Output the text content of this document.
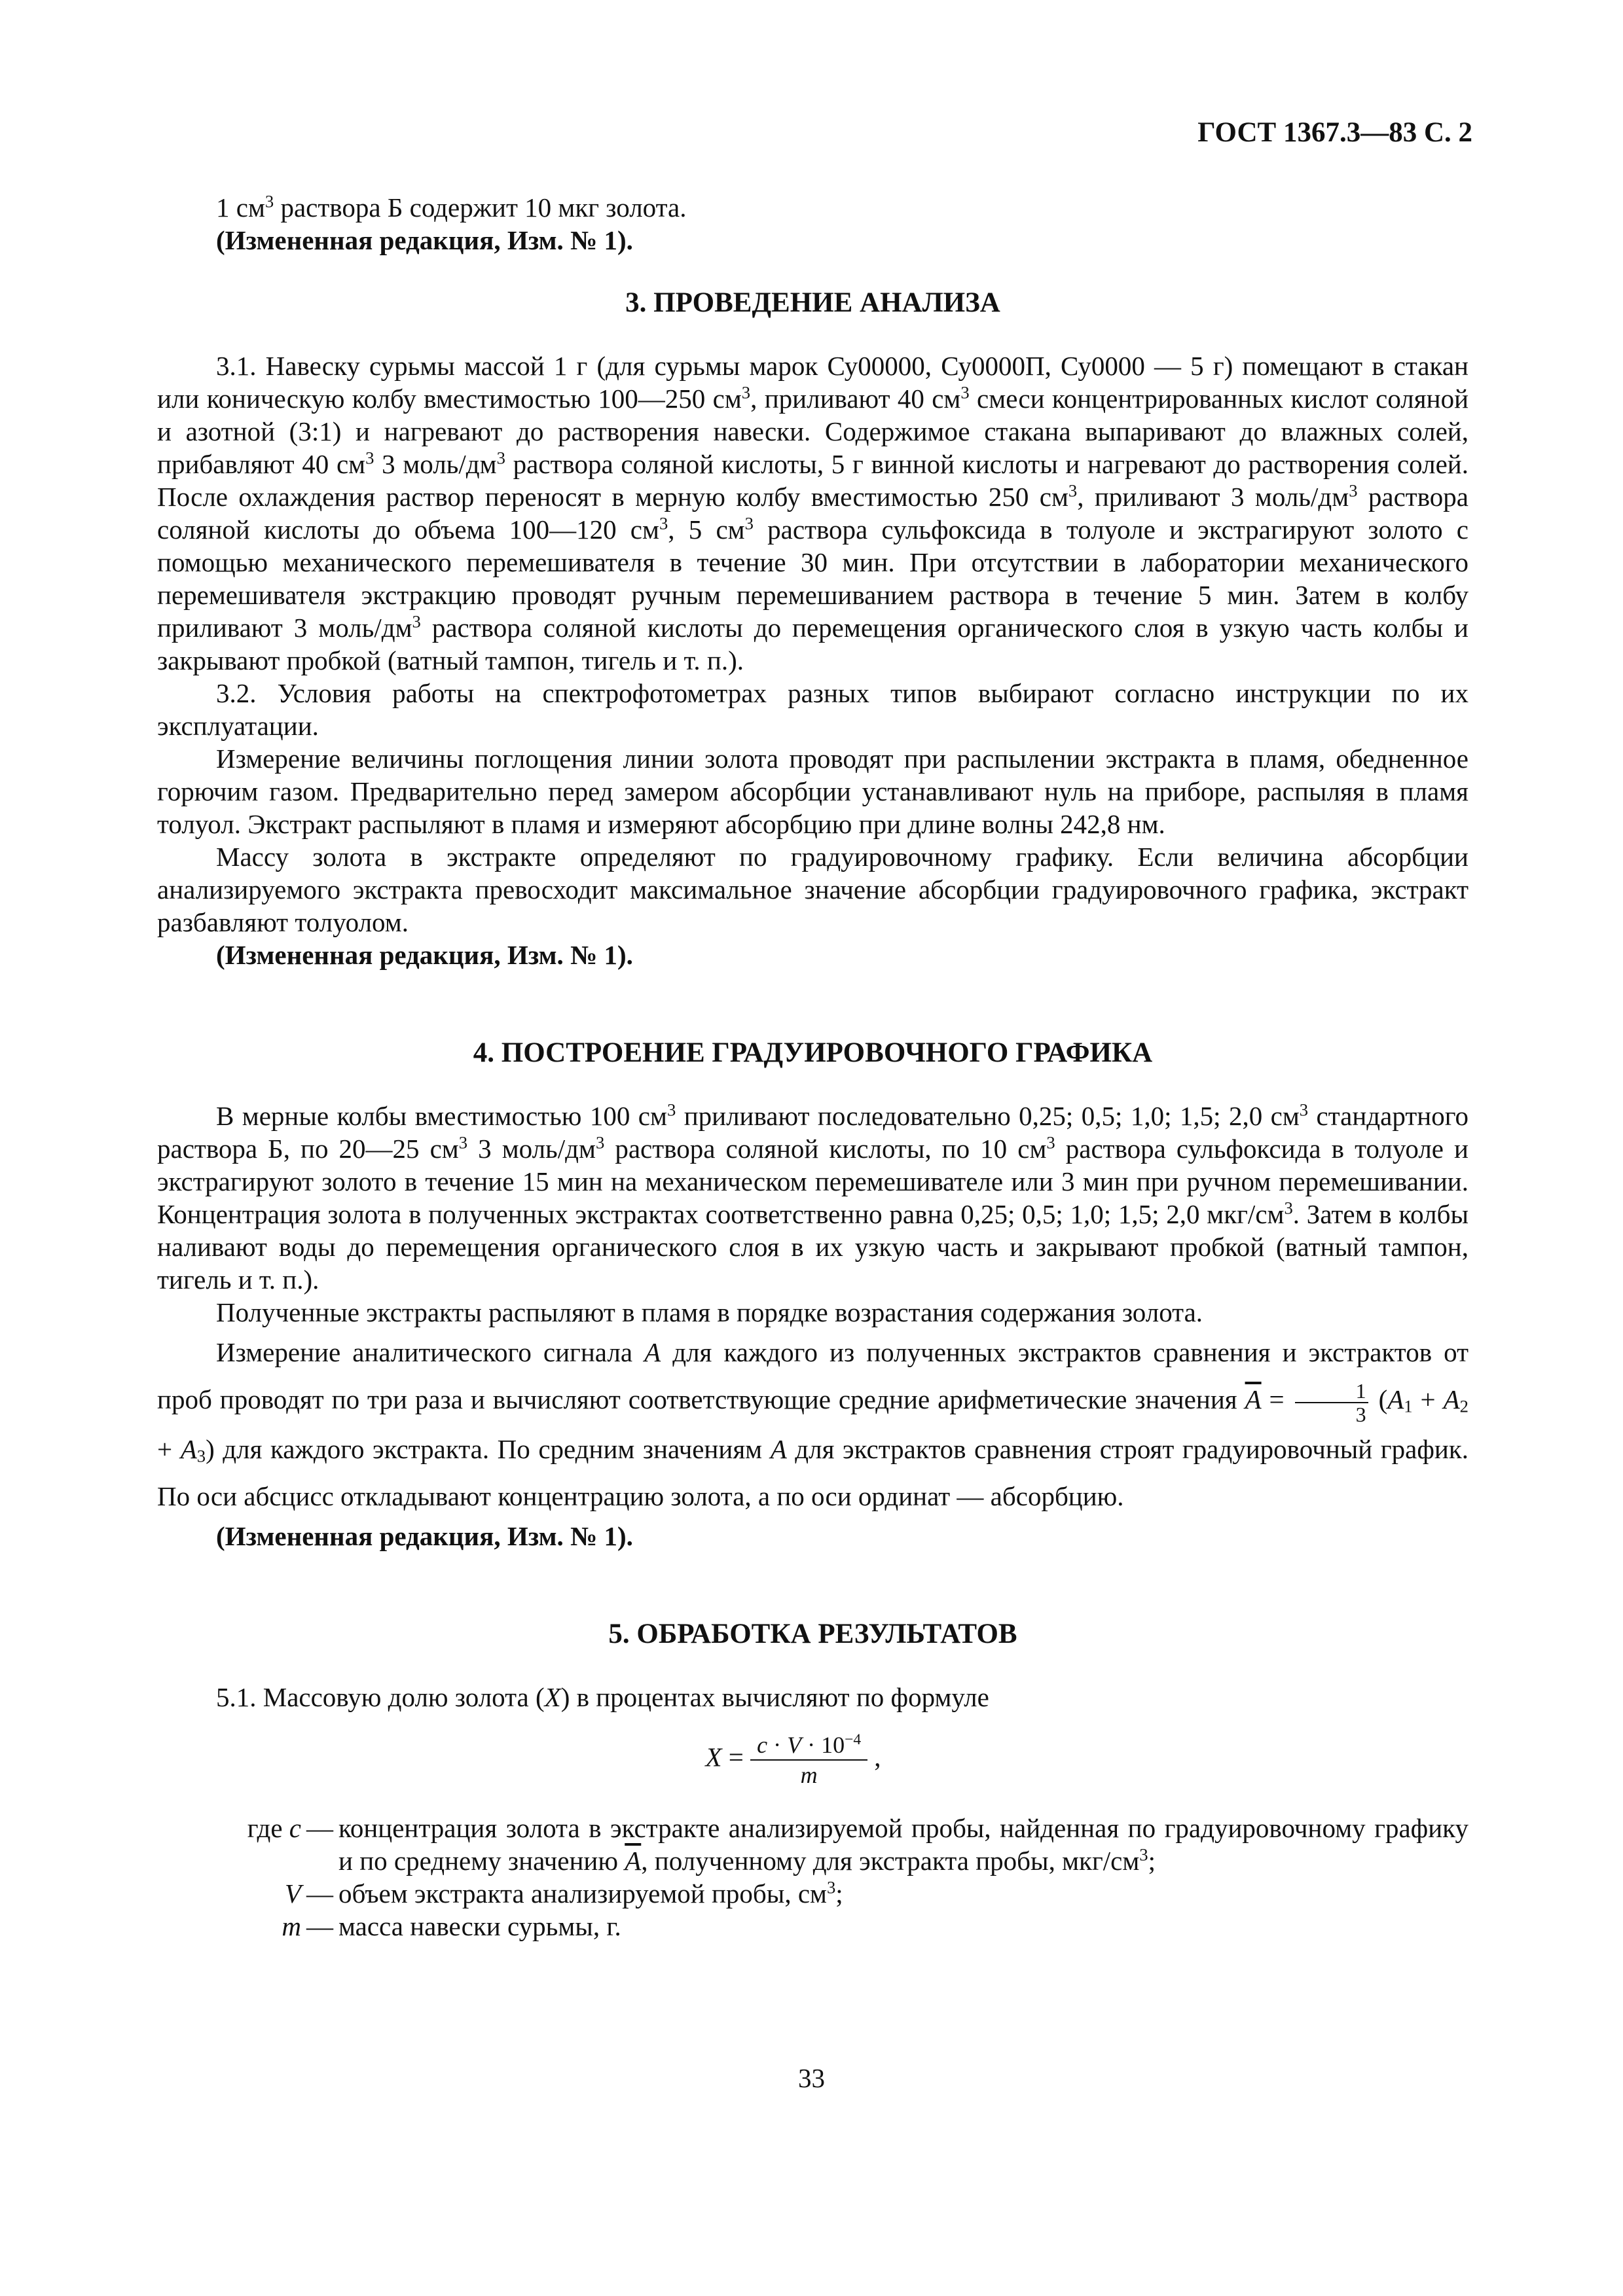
ГОСТ 1367.3—83 С. 2

1 $см^3$ раствора Б содержит 10 мкг золота.

(Измененная редакция, Изм. № 1).

3. ПРОВЕДЕНИЕ АНАЛИЗА

3.1. Навеску сурьмы массой 1 г (для сурьмы марок Су00000, Су0000П, Су0000 — 5 г) помещают в стакан или коническую колбу вместимостью 100—250 $см^3$, приливают 40 $см^3$ смеси концентрированных кислот соляной и азотной (3:1) и нагревают до растворения навески. Содержимое стакана выпаривают до влажных солей, прибавляют 40 $см^3$ 3 моль/$дм^3$ раствора соляной кислоты, 5 г винной кислоты и нагревают до растворения солей. После охлаждения раствор переносят в мерную колбу вместимостью 250 $см^3$, приливают 3 моль/$дм^3$ раствора соляной кислоты до объема 100—120 $см^3$, 5 $см^3$ раствора сульфоксида в толуоле и экстрагируют золото с помощью механического перемешивателя в течение 30 мин. При отсутствии в лаборатории механического перемешивателя экстракцию проводят ручным перемешиванием раствора в течение 5 мин. Затем в колбу приливают 3 моль/$дм^3$ раствора соляной кислоты до перемещения органического слоя в узкую часть колбы и закрывают пробкой (ватный тампон, тигель и т. п.).

3.2. Условия работы на спектрофотометрах разных типов выбирают согласно инструкции по их эксплуатации.

Измерение величины поглощения линии золота проводят при распылении экстракта в пламя, обедненное горючим газом. Предварительно перед замером абсорбции устанавливают нуль на приборе, распыляя в пламя толуол. Экстракт распыляют в пламя и измеряют абсорбцию при длине волны 242,8 нм.

Массу золота в экстракте определяют по градуировочному графику. Если величина абсорбции анализируемого экстракта превосходит максимальное значение абсорбции градуировочного графика, экстракт разбавляют толуолом.

(Измененная редакция, Изм. № 1).

4. ПОСТРОЕНИЕ ГРАДУИРОВОЧНОГО ГРАФИКА

В мерные колбы вместимостью 100 $см^3$ приливают последовательно 0,25; 0,5; 1,0; 1,5; 2,0 $см^3$ стандартного раствора Б, по 20—25 $см^3$ 3 моль/$дм^3$ раствора соляной кислоты, по 10 $см^3$ раствора сульфоксида в толуоле и экстрагируют золото в течение 15 мин на механическом перемешивателе или 3 мин при ручном перемешивании. Концентрация золота в полученных экстрактах соответственно равна 0,25; 0,5; 1,0; 1,5; 2,0 мкг/$см^3$. Затем в колбы наливают воды до перемещения органического слоя в их узкую часть и закрывают пробкой (ватный тампон, тигель и т. п.).

Полученные экстракты распыляют в пламя в порядке возрастания содержания золота.

Измерение аналитического сигнала A для каждого из полученных экстрактов сравнения и экстрактов от проб проводят по три раза и вычисляют соответствующие средние арифметические значения $\overline{A} = \frac{1}{3} (A_1 + A_2 + A_3)$ для каждого экстракта. По средним значениям A для экстрактов сравнения строят градуировочный график. По оси абсцисс откладывают концентрацию золота, а по оси ординат — абсорбцию.

(Измененная редакция, Изм. № 1).

5. ОБРАБОТКА РЕЗУЛЬТАТОВ

5.1. Массовую долю золота (X) в процентах вычисляют по формуле

$X = \frac{c \cdot V \cdot 10^{-4}}{m}$ ,
где c — концентрация золота в экстракте анализируемой пробы, найденная по градуировочному графику и по среднему значению $\overline{A}$, полученному для экстракта пробы, мкг/$см^3$;
V — объем экстракта анализируемой пробы, $см^3$;
m — масса навески сурьмы, г.
33
